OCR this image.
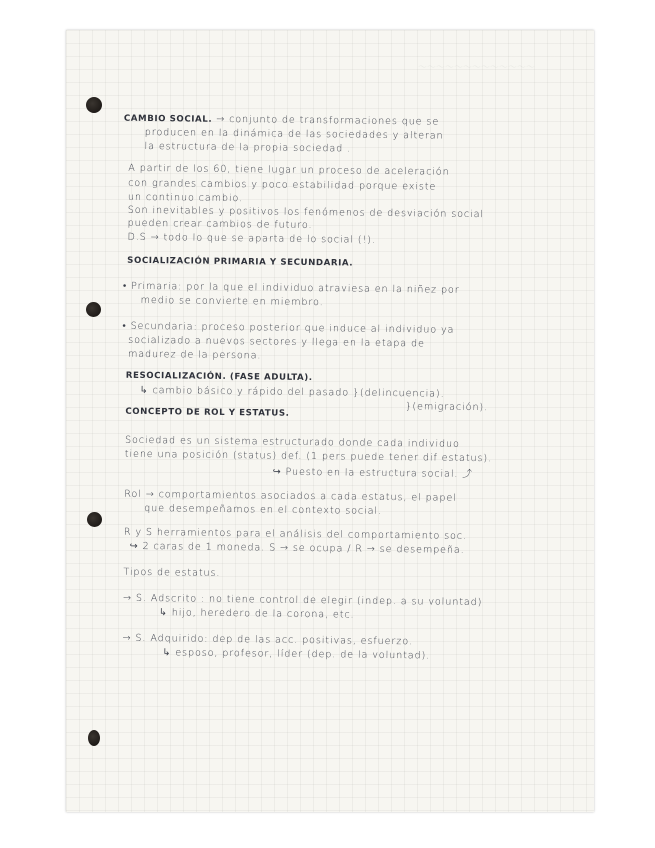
～～～～～～～～～～～～～
CAMBIO SOCIAL. → conjunto de transformaciones que se
producen en la dinámica de las sociedades y alteran
la estructura de la propia sociedad .
A partir de los 60, tiene lugar un proceso de aceleración
con grandes cambios y poco estabilidad porque existe
un continuo cambio.
Son inevitables y positivos los fenómenos de desviación social
pueden crear cambios de futuro.
D.S → todo lo que se aparta de lo social (!).
SOCIALIZACIÓN PRIMARIA Y SECUNDARIA.
• Primaria: por la que el individuo atraviesa en la niñez por
medio se convierte en miembro.
• Secundaria: proceso posterior que induce al individuo ya
socializado a nuevos sectores y llega en la etapa de
madurez de la persona.
RESOCIALIZACIÓN. (FASE ADULTA).
↳ cambio básico y rápido del pasado }(delincuencia).
}(emigración).
CONCEPTO DE ROL Y ESTATUS.
Sociedad es un sistema estructurado donde cada individuo
tiene una posición (status) def. (1 pers puede tener dif estatus).
↪ Puesto en la estructura social. ⤴
Rol → comportamientos asociados a cada estatus, el papel
que desempeñamos en el contexto social.
R y S herramientos para el análisis del comportamiento soc.
↪ 2 caras de 1 moneda. S → se ocupa / R → se desempeña.
Tipos de estatus.
→ S. Adscrito : no tiene control de elegir (indep. a su voluntad)
↳ hijo, heredero de la corona, etc.
→ S. Adquirido: dep de las acc. positivas, esfuerzo.
↳ esposo, profesor, líder (dep. de la voluntad).
